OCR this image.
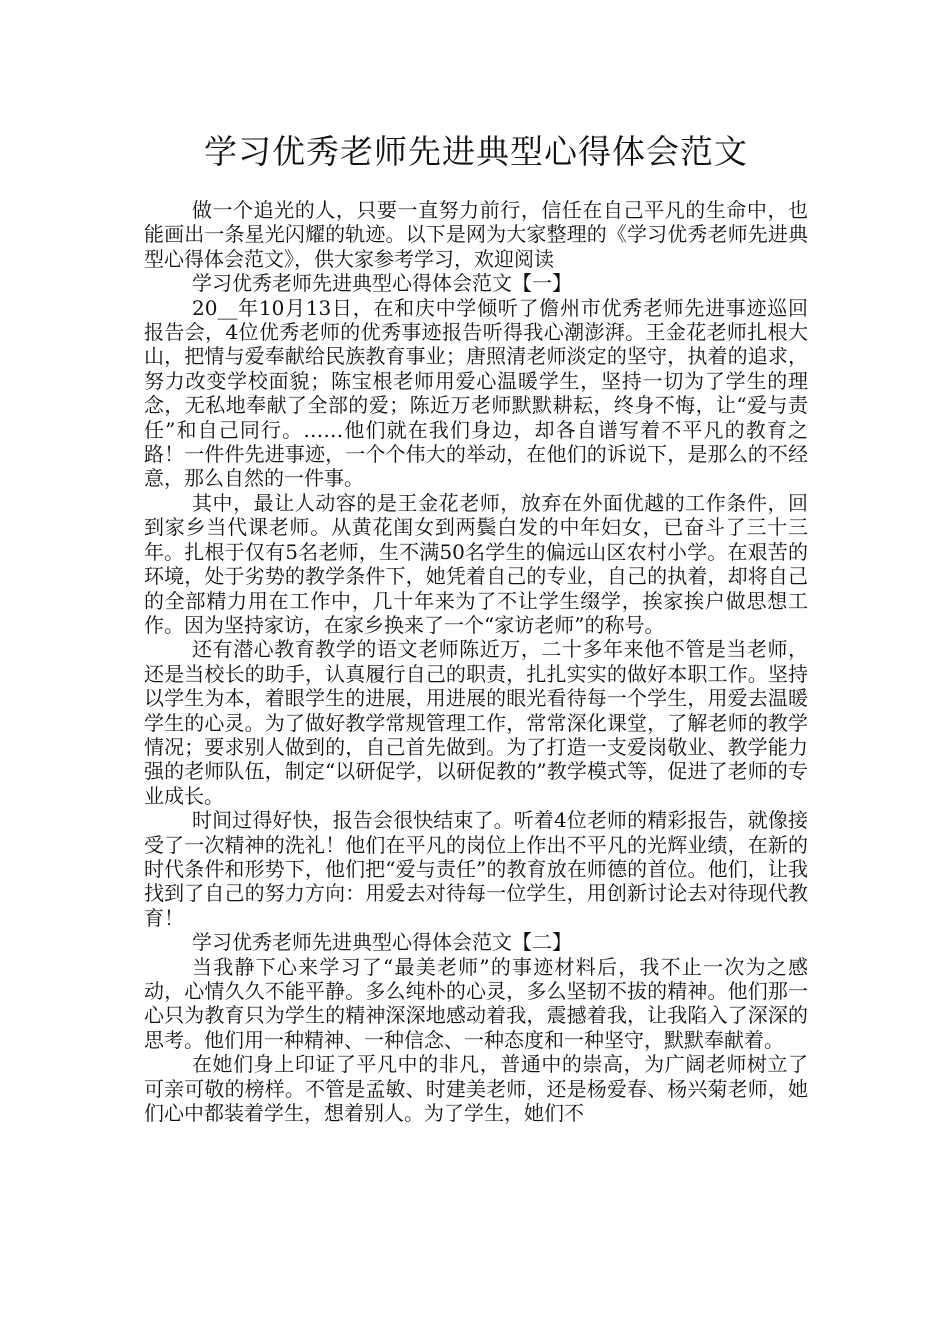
学习优秀老师先进典型心得体会范文

做一个追光的人，只要一直努力前行，信任在自己平凡的生命中，也能画出一条星光闪耀的轨迹。以下是网为大家整理的《学习优秀老师先进典型心得体会范文》，供大家参考学习，欢迎阅读

学习优秀老师先进典型心得体会范文【一】

20__年10月13日，在和庆中学倾听了儋州市优秀老师先进事迹巡回报告会，4位优秀老师的优秀事迹报告听得我心潮澎湃。王金花老师扎根大山，把情与爱奉献给民族教育事业；唐照清老师淡定的坚守，执着的追求，努力改变学校面貌；陈宝根老师用爱心温暖学生，坚持一切为了学生的理念，无私地奉献了全部的爱；陈近万老师默默耕耘，终身不悔，让“爱与责任”和自己同行。……他们就在我们身边，却各自谱写着不平凡的教育之路！一件件先进事迹，一个个伟大的举动，在他们的诉说下，是那么的不经意，那么自然的一件事。

其中，最让人动容的是王金花老师，放弃在外面优越的工作条件，回到家乡当代课老师。从黄花闺女到两鬓白发的中年妇女，已奋斗了三十三年。扎根于仅有5名老师，生不满50名学生的偏远山区农村小学。在艰苦的环境，处于劣势的教学条件下，她凭着自己的专业，自己的执着，却将自己的全部精力用在工作中，几十年来为了不让学生缀学，挨家挨户做思想工作。因为坚持家访，在家乡换来了一个“家访老师”的称号。

还有潜心教育教学的语文老师陈近万，二十多年来他不管是当老师，还是当校长的助手，认真履行自己的职责，扎扎实实的做好本职工作。坚持以学生为本，着眼学生的进展，用进展的眼光看待每一个学生，用爱去温暖学生的心灵。为了做好教学常规管理工作，常常深化课堂，了解老师的教学情况；要求别人做到的，自己首先做到。为了打造一支爱岗敬业、教学能力强的老师队伍，制定“以研促学，以研促教的”教学模式等，促进了老师的专业成长。

时间过得好快，报告会很快结束了。听着4位老师的精彩报告，就像接受了一次精神的洗礼！他们在平凡的岗位上作出不平凡的光辉业绩，在新的时代条件和形势下，他们把“爱与责任”的教育放在师德的首位。他们，让我找到了自己的努力方向：用爱去对待每一位学生，用创新讨论去对待现代教育！

学习优秀老师先进典型心得体会范文【二】

当我静下心来学习了“最美老师”的事迹材料后，我不止一次为之感动，心情久久不能平静。多么纯朴的心灵，多么坚韧不拔的精神。他们那一心只为教育只为学生的精神深深地感动着我，震撼着我，让我陷入了深深的思考。他们用一种精神、一种信念、一种态度和一种坚守，默默奉献着。

在她们身上印证了平凡中的非凡，普通中的崇高，为广阔老师树立了可亲可敬的榜样。不管是孟敏、时建美老师，还是杨爱春、杨兴菊老师，她们心中都装着学生，想着别人。为了学生，她们不
